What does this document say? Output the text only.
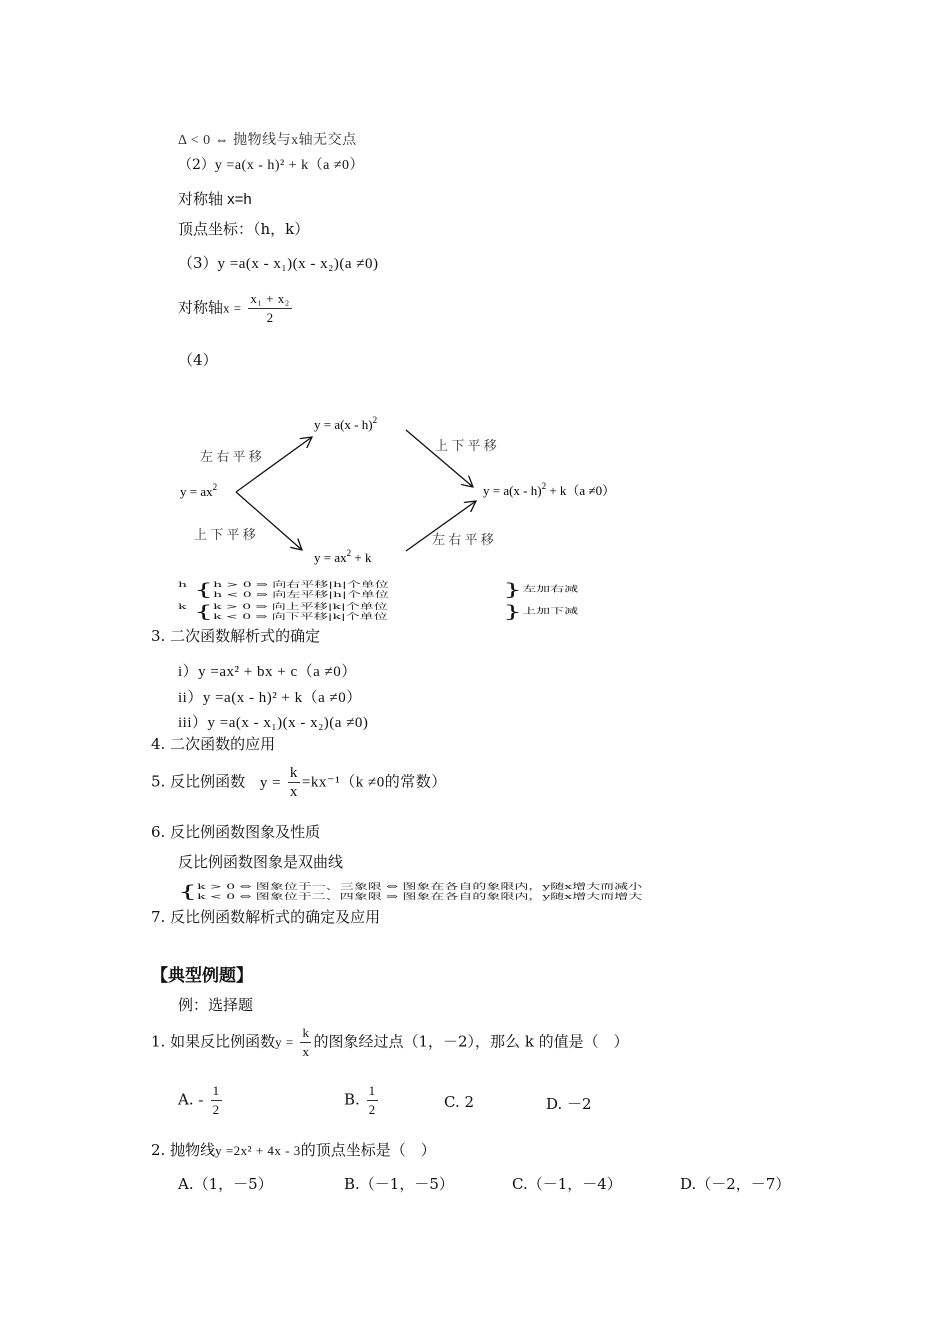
Δ < 0 ⇔ 抛物线与x轴无交点
（2）y =a(x - h)² + k（a ≠0）
对称轴 x=h
顶点坐标：（h，k）
（3）y =a(x - x₁)(x - x₂)(a ≠0)
对称轴$x = \frac{\text{x₁ + x₂}}{2}$
（4）
$y = ax^2$
y = a(x - h)$^2$
$y = ax^2 + k$
y = a(x - h)$^2$ + k（a ≠0）
左 右 平 移
上 下 平 移
上 下 平 移
左 右 平 移
h { h > 0 ⇒ 向右平移|h|个单位
h < 0 ⇒ 向左平移|h|个单位	}左加右减
k { k > 0 ⇒ 向上平移|k|个单位
k < 0 ⇒ 向下平移|k|个单位	}上加下减
3. 二次函数解析式的确定
i）y =ax² + bx + c（a ≠0）
ii）y =a(x - h)² + k（a ≠0）
iii）y =a(x - x₁)(x - x₂)(a ≠0)
4. 二次函数的应用
5. 反比例函数 $y = \frac{k}{x} =kx^{-1}(k \ne 0$的常数）
6. 反比例函数图象及性质
反比例函数图象是双曲线
{ k > 0 ⇔ 图象位于一、三象限 ⇔ 图象在各自的象限内，y随x增大而减小
k < 0 ⇔ 图象位于二、四象限 ⇒ 图象在各自的象限内，y随x增大而增大
7. 反比例函数解析式的确定及应用
【典型例题】
例：选择题
1. 如果反比例函数$y = \frac{k}{x}$ 的图象经过点（1，－2），那么 k 的值是（　）
A. - $\frac{1}{2}$	B. $\frac{1}{2}$	C. 2	D. －2
2. 抛物线y =2x² + 4x - 3的顶点坐标是（　）
A.（1，－5）	B.（－1，－5）	C.（－1，－4）	D.（－2，－7）
